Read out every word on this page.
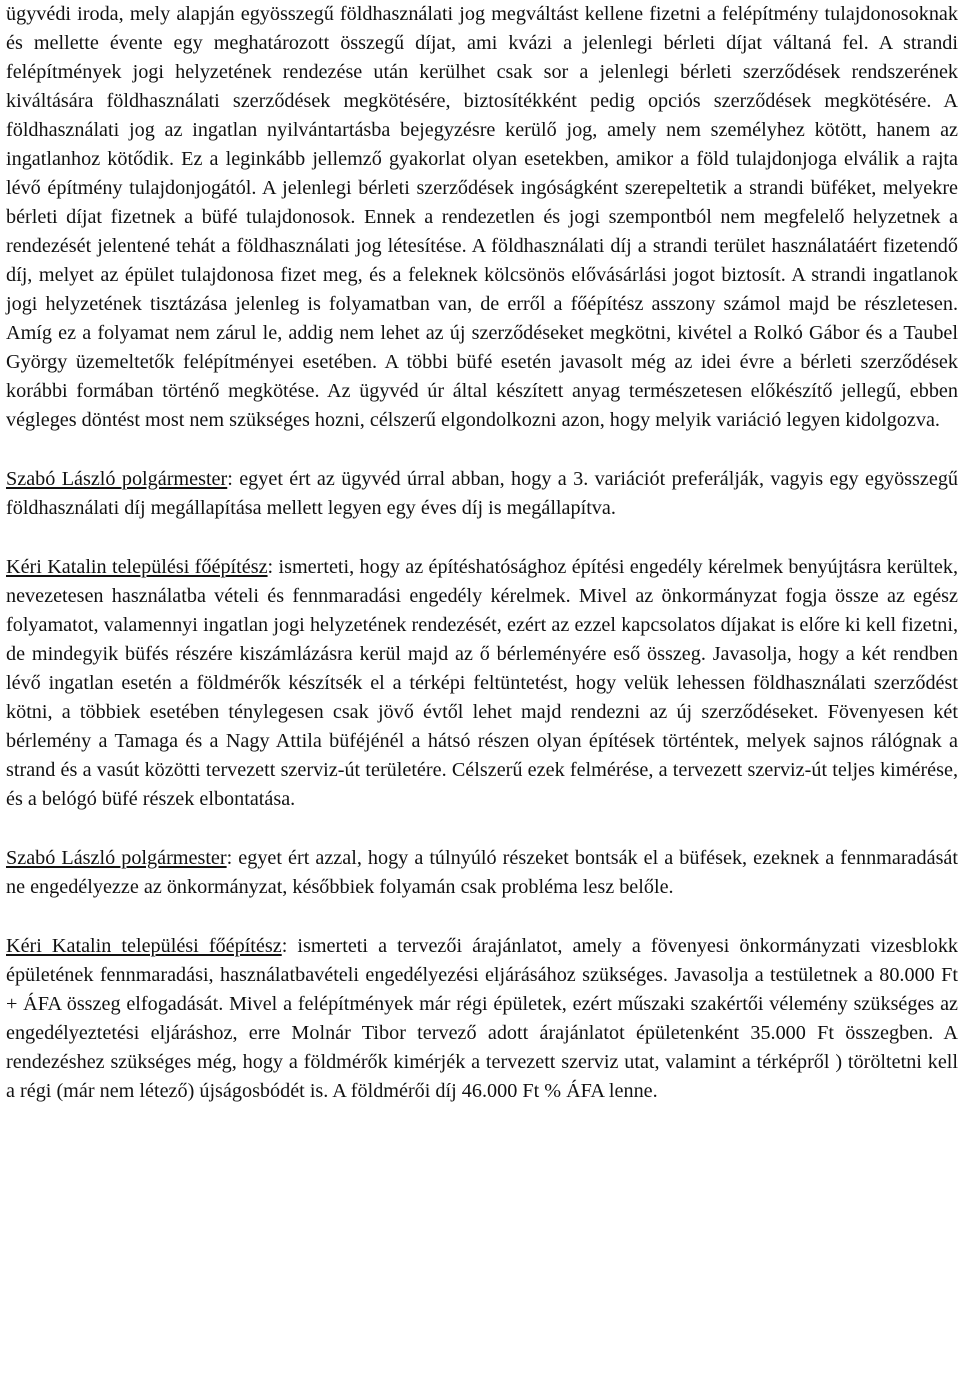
ügyvédi iroda, mely alapján egyösszegű földhasználati jog megváltást kellene fizetni a felépítmény tulajdonosoknak és mellette évente egy meghatározott összegű díjat, ami kvázi a jelenlegi bérleti díjat váltaná fel. A strandi felépítmények jogi helyzetének rendezése után kerülhet csak sor a jelenlegi bérleti szerződések rendszerének kiváltására földhasználati szerződések megkötésére, biztosítékként pedig opciós szerződések megkötésére. A földhasználati jog az ingatlan nyilvántartásba bejegyzésre kerülő jog, amely nem személyhez kötött, hanem az ingatlanhoz kötődik. Ez a leginkább jellemző gyakorlat olyan esetekben, amikor a föld tulajdonjoga elválik a rajta lévő építmény tulajdonjogától. A jelenlegi bérleti szerződések ingóságként szerepeltetik a strandi büféket, melyekre bérleti díjat fizetnek a büfé tulajdonosok. Ennek a rendezetlen és jogi szempontból nem megfelelő helyzetnek a rendezését jelentené tehát a földhasználati jog létesítése. A földhasználati díj a strandi terület használatáért fizetendő díj, melyet az épület tulajdonosa fizet meg, és a feleknek kölcsönös elővásárlási jogot biztosít. A strandi ingatlanok jogi helyzetének tisztázása jelenleg is folyamatban van, de erről a főépítész asszony számol majd be részletesen. Amíg ez a folyamat nem zárul le, addig nem lehet az új szerződéseket megkötni, kivétel a Rolkó Gábor és a Taubel György üzemeltetők felépítményei esetében. A többi büfé esetén javasolt még az idei évre a bérleti szerződések korábbi formában történő megkötése. Az ügyvéd úr által készített anyag természetesen előkészítő jellegű, ebben végleges döntést most nem szükséges hozni, célszerű elgondolkozni azon, hogy melyik variáció legyen kidolgozva.

Szabó László polgármester: egyet ért az ügyvéd úrral abban, hogy a 3. variációt preferálják, vagyis egy egyösszegű földhasználati díj megállapítása mellett legyen egy éves díj is megállapítva.

Kéri Katalin települési főépítész: ismerteti, hogy az építéshatósághoz építési engedély kérelmek benyújtásra kerültek, nevezetesen használatba vételi és fennmaradási engedély kérelmek. Mivel az önkormányzat fogja össze az egész folyamatot, valamennyi ingatlan jogi helyzetének rendezését, ezért az ezzel kapcsolatos díjakat is előre ki kell fizetni, de mindegyik büfés részére kiszámlázásra kerül majd az ő bérleményére eső összeg. Javasolja, hogy a két rendben lévő ingatlan esetén a földmérők készítsék el a térképi feltüntetést, hogy velük lehessen földhasználati szerződést kötni, a többiek esetében ténylegesen csak jövő évtől lehet majd rendezni az új szerződéseket. Fövenyesen két bérlemény a Tamaga és a Nagy Attila büféjénél a hátsó részen olyan építések történtek, melyek sajnos rálógnak a strand és a vasút közötti tervezett szerviz-út területére. Célszerű ezek felmérése, a tervezett szerviz-út teljes kimérése, és a belógó büfé részek elbontatása.

Szabó László polgármester: egyet ért azzal, hogy a túlnyúló részeket bontsák el a büfések, ezeknek a fennmaradását ne engedélyezze az önkormányzat, későbbiek folyamán csak probléma lesz belőle.

Kéri Katalin települési főépítész: ismerteti a tervezői árajánlatot, amely a fövenyesi önkormányzati vizesblokk épületének fennmaradási, használatbavételi engedélyezési eljárásához szükséges. Javasolja a testületnek a 80.000 Ft + ÁFA összeg elfogadását. Mivel a felépítmények már régi épületek, ezért műszaki szakértői vélemény szükséges az engedélyeztetési eljáráshoz, erre Molnár Tibor tervező adott árajánlatot épületenként 35.000 Ft összegben. A rendezéshez szükséges még, hogy a földmérők kimérjék a tervezett szerviz utat, valamint a térképről ) töröltetni kell a régi (már nem létező) újságosbódét is. A földmérői díj 46.000 Ft % ÁFA lenne.
